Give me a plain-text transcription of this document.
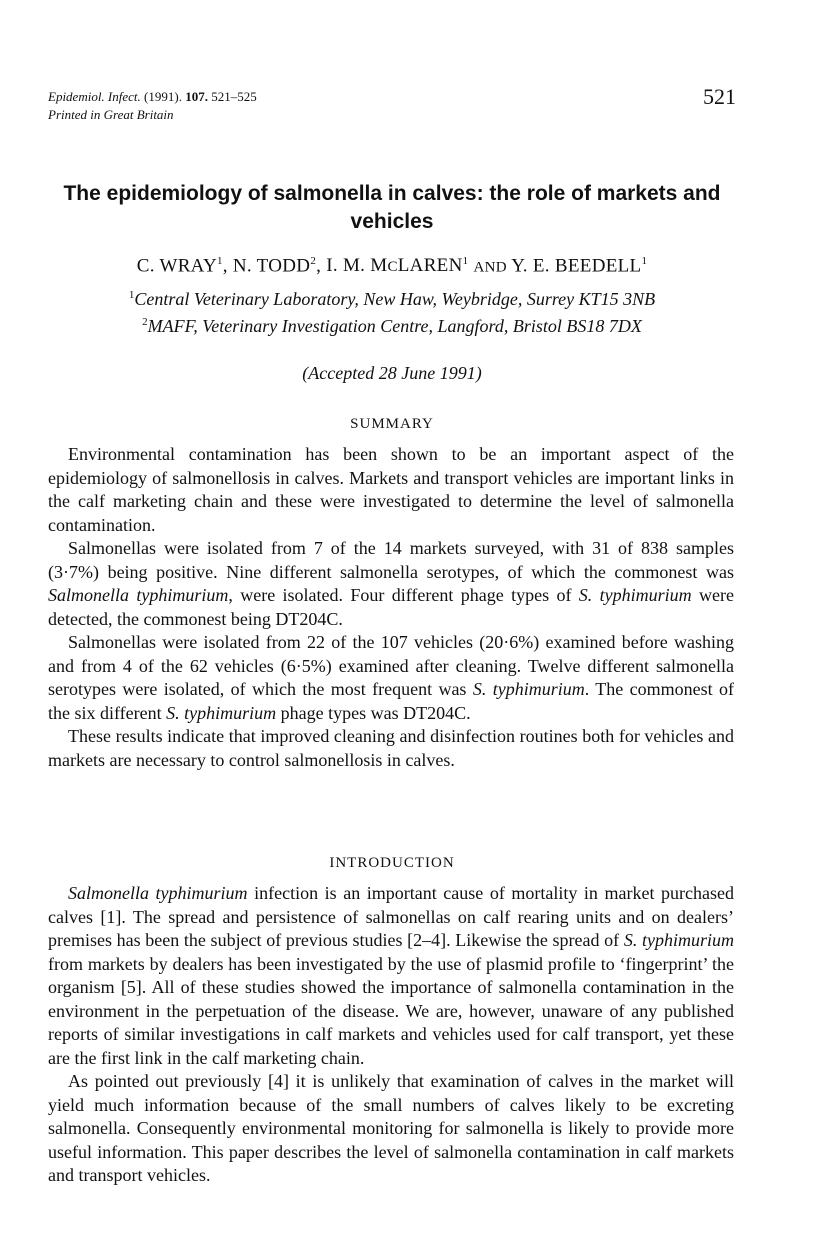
Epidemiol. Infect. (1991). 107. 521–525
Printed in Great Britain
521
The epidemiology of salmonella in calves: the role of markets and vehicles
C. WRAY$^1$, N. TODD$^2$, I. M. MCLAREN$^1$ AND Y. E. BEEDELL$^1$
$^1$Central Veterinary Laboratory, New Haw, Weybridge, Surrey KT15 3NB
$^2$MAFF, Veterinary Investigation Centre, Langford, Bristol BS18 7DX
(Accepted 28 June 1991)
SUMMARY

Environmental contamination has been shown to be an important aspect of the epidemiology of salmonellosis in calves. Markets and transport vehicles are important links in the calf marketing chain and these were investigated to determine the level of salmonella contamination.

Salmonellas were isolated from 7 of the 14 markets surveyed, with 31 of 838 samples (3·7%) being positive. Nine different salmonella serotypes, of which the commonest was Salmonella typhimurium, were isolated. Four different phage types of S. typhimurium were detected, the commonest being DT204C.

Salmonellas were isolated from 22 of the 107 vehicles (20·6%) examined before washing and from 4 of the 62 vehicles (6·5%) examined after cleaning. Twelve different salmonella serotypes were isolated, of which the most frequent was S. typhimurium. The commonest of the six different S. typhimurium phage types was DT204C.

These results indicate that improved cleaning and disinfection routines both for vehicles and markets are necessary to control salmonellosis in calves.

INTRODUCTION

Salmonella typhimurium infection is an important cause of mortality in market purchased calves [1]. The spread and persistence of salmonellas on calf rearing units and on dealers’ premises has been the subject of previous studies [2–4]. Likewise the spread of S. typhimurium from markets by dealers has been investigated by the use of plasmid profile to ‘fingerprint’ the organism [5]. All of these studies showed the importance of salmonella contamination in the environment in the perpetuation of the disease. We are, however, unaware of any published reports of similar investigations in calf markets and vehicles used for calf transport, yet these are the first link in the calf marketing chain.

As pointed out previously [4] it is unlikely that examination of calves in the market will yield much information because of the small numbers of calves likely to be excreting salmonella. Consequently environmental monitoring for salmonella is likely to provide more useful information. This paper describes the level of salmonella contamination in calf markets and transport vehicles.
